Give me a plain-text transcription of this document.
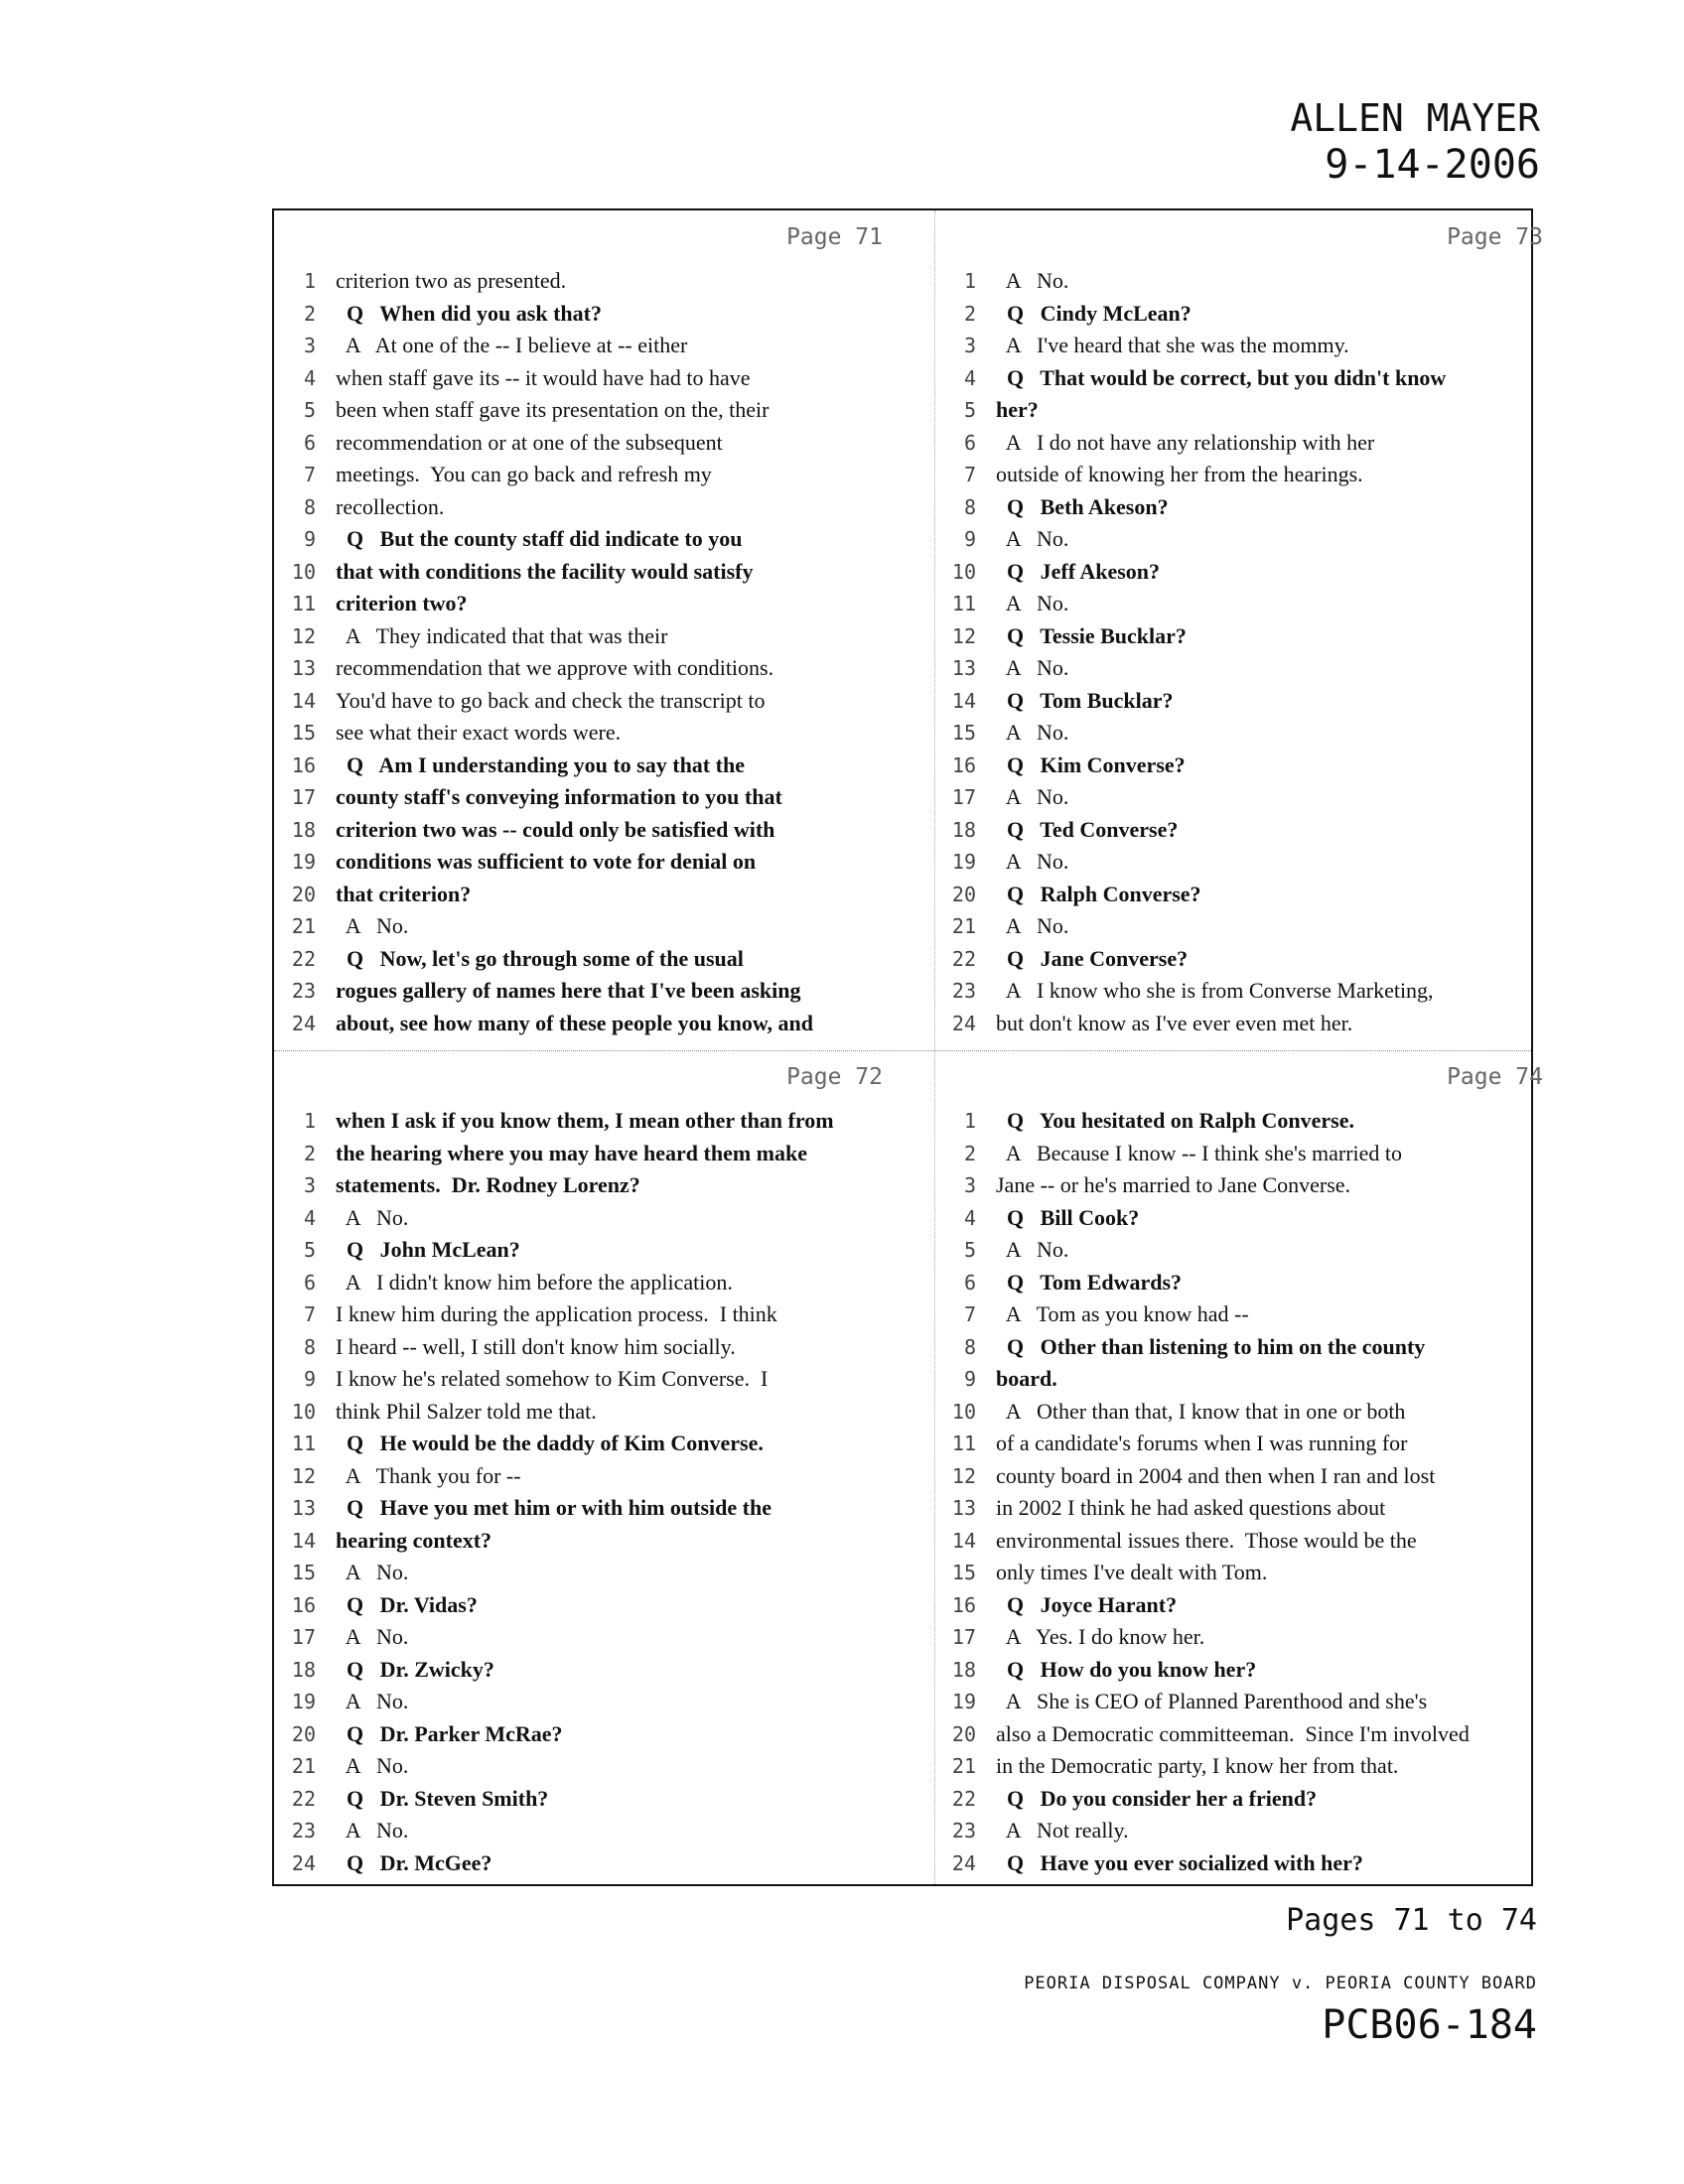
ALLEN MAYER
9-14-2006
Page 71
1 criterion two as presented.
2 Q   When did you ask that?
3 A   At one of the -- I believe at -- either
4 when staff gave its -- it would have had to have
5 been when staff gave its presentation on the, their
6 recommendation or at one of the subsequent
7 meetings.  You can go back and refresh my
8 recollection.
9 Q   But the county staff did indicate to you
10 that with conditions the facility would satisfy
11 criterion two?
12 A   They indicated that that was their
13 recommendation that we approve with conditions.
14 You'd have to go back and check the transcript to
15 see what their exact words were.
16 Q   Am I understanding you to say that the
17 county staff's conveying information to you that
18 criterion two was -- could only be satisfied with
19 conditions was sufficient to vote for denial on
20 that criterion?
21 A   No.
22 Q   Now, let's go through some of the usual
23 rogues gallery of names here that I've been asking
24 about, see how many of these people you know, and
Page 73
1 A   No.
2 Q   Cindy McLean?
3 A   I've heard that she was the mommy.
4 Q   That would be correct, but you didn't know
5 her?
6 A   I do not have any relationship with her
7 outside of knowing her from the hearings.
8 Q   Beth Akeson?
9 A   No.
10 Q   Jeff Akeson?
11 A   No.
12 Q   Tessie Bucklar?
13 A   No.
14 Q   Tom Bucklar?
15 A   No.
16 Q   Kim Converse?
17 A   No.
18 Q   Ted Converse?
19 A   No.
20 Q   Ralph Converse?
21 A   No.
22 Q   Jane Converse?
23 A   I know who she is from Converse Marketing,
24 but don't know as I've ever even met her.
Page 72
1 when I ask if you know them, I mean other than from
2 the hearing where you may have heard them make
3 statements.  Dr. Rodney Lorenz?
4 A   No.
5 Q   John McLean?
6 A   I didn't know him before the application.
7 I knew him during the application process.  I think
8 I heard -- well, I still don't know him socially.
9 I know he's related somehow to Kim Converse.  I
10 think Phil Salzer told me that.
11 Q   He would be the daddy of Kim Converse.
12 A   Thank you for --
13 Q   Have you met him or with him outside the
14 hearing context?
15 A   No.
16 Q   Dr. Vidas?
17 A   No.
18 Q   Dr. Zwicky?
19 A   No.
20 Q   Dr. Parker McRae?
21 A   No.
22 Q   Dr. Steven Smith?
23 A   No.
24 Q   Dr. McGee?
Page 74
1 Q   You hesitated on Ralph Converse.
2 A   Because I know -- I think she's married to
3 Jane -- or he's married to Jane Converse.
4 Q   Bill Cook?
5 A   No.
6 Q   Tom Edwards?
7 A   Tom as you know had --
8 Q   Other than listening to him on the county
9 board.
10 A   Other than that, I know that in one or both
11 of a candidate's forums when I was running for
12 county board in 2004 and then when I ran and lost
13 in 2002 I think he had asked questions about
14 environmental issues there.  Those would be the
15 only times I've dealt with Tom.
16 Q   Joyce Harant?
17 A   Yes. I do know her.
18 Q   How do you know her?
19 A   She is CEO of Planned Parenthood and she's
20 also a Democratic committeeman.  Since I'm involved
21 in the Democratic party, I know her from that.
22 Q   Do you consider her a friend?
23 A   Not really.
24 Q   Have you ever socialized with her?
Pages 71 to 74
PEORIA DISPOSAL COMPANY v. PEORIA COUNTY BOARD
PCB06-184
